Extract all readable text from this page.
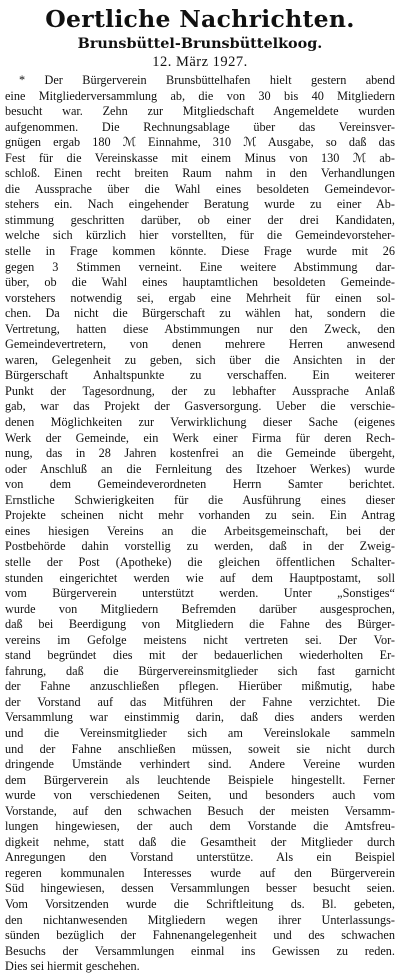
Oertliche Nachrichten.
Brunsbüttel-Brunsbüttelkoog.
12. März 1927.
* Der Bürgerverein Brunsbüttelhafen hielt gestern abend
eine Mitgliederversammlung ab, die von 30 bis 40 Mitgliedern
besucht war. Zehn zur Mitgliedschaft Angemeldete wurden
aufgenommen. Die Rechnungsablage über das Vereinsver-
gnügen ergab 180 ℳ Einnahme, 310 ℳ Ausgabe, so daß das
Fest für die Vereinskasse mit einem Minus von 130 ℳ ab-
schloß. Einen recht breiten Raum nahm in den Verhandlungen
die Aussprache über die Wahl eines besoldeten Gemeindevor-
stehers ein. Nach eingehender Beratung wurde zu einer Ab-
stimmung geschritten darüber, ob einer der drei Kandidaten,
welche sich kürzlich hier vorstellten, für die Gemeindevorsteher-
stelle in Frage kommen könnte. Diese Frage wurde mit 26
gegen 3 Stimmen verneint. Eine weitere Abstimmung dar-
über, ob die Wahl eines hauptamtlichen besoldeten Gemeinde-
vorstehers notwendig sei, ergab eine Mehrheit für einen sol-
chen. Da nicht die Bürgerschaft zu wählen hat, sondern die
Vertretung, hatten diese Abstimmungen nur den Zweck, den
Gemeindevertretern, von denen mehrere Herren anwesend
waren, Gelegenheit zu geben, sich über die Ansichten in der
Bürgerschaft Anhaltspunkte zu verschaffen. Ein weiterer
Punkt der Tagesordnung, der zu lebhafter Aussprache Anlaß
gab, war das Projekt der Gasversorgung. Ueber die verschie-
denen Möglichkeiten zur Verwirklichung dieser Sache (eigenes
Werk der Gemeinde, ein Werk einer Firma für deren Rech-
nung, das in 28 Jahren kostenfrei an die Gemeinde übergeht,
oder Anschluß an die Fernleitung des Itzehoer Werkes) wurde
von dem Gemeindeverordneten Herrn Samter berichtet.
Ernstliche Schwierigkeiten für die Ausführung eines dieser
Projekte scheinen nicht mehr vorhanden zu sein. Ein Antrag
eines hiesigen Vereins an die Arbeitsgemeinschaft, bei der
Postbehörde dahin vorstellig zu werden, daß in der Zweig-
stelle der Post (Apotheke) die gleichen öffentlichen Schalter-
stunden eingerichtet werden wie auf dem Hauptpostamt, soll
vom Bürgerverein unterstützt werden. Unter „Sonstiges“
wurde von Mitgliedern Befremden darüber ausgesprochen,
daß bei Beerdigung von Mitgliedern die Fahne des Bürger-
vereins im Gefolge meistens nicht vertreten sei. Der Vor-
stand begründet dies mit der bedauerlichen wiederholten Er-
fahrung, daß die Bürgervereinsmitglieder sich fast garnicht
der Fahne anzuschließen pflegen. Hierüber mißmutig, habe
der Vorstand auf das Mitführen der Fahne verzichtet. Die
Versammlung war einstimmig darin, daß dies anders werden
und die Vereinsmitglieder sich am Vereinslokale sammeln
und der Fahne anschließen müssen, soweit sie nicht durch
dringende Umstände verhindert sind. Andere Vereine wurden
dem Bürgerverein als leuchtende Beispiele hingestellt. Ferner
wurde von verschiedenen Seiten, und besonders auch vom
Vorstande, auf den schwachen Besuch der meisten Versamm-
lungen hingewiesen, der auch dem Vorstande die Amtsfreu-
digkeit nehme, statt daß die Gesamtheit der Mitglieder durch
Anregungen den Vorstand unterstütze. Als ein Beispiel
regeren kommunalen Interesses wurde auf den Bürgerverein
Süd hingewiesen, dessen Versammlungen besser besucht seien.
Vom Vorsitzenden wurde die Schriftleitung ds. Bl. gebeten,
den nichtanwesenden Mitgliedern wegen ihrer Unterlassungs-
sünden bezüglich der Fahnenangelegenheit und des schwachen
Besuchs der Versammlungen einmal ins Gewissen zu reden.
Dies sei hiermit geschehen.
